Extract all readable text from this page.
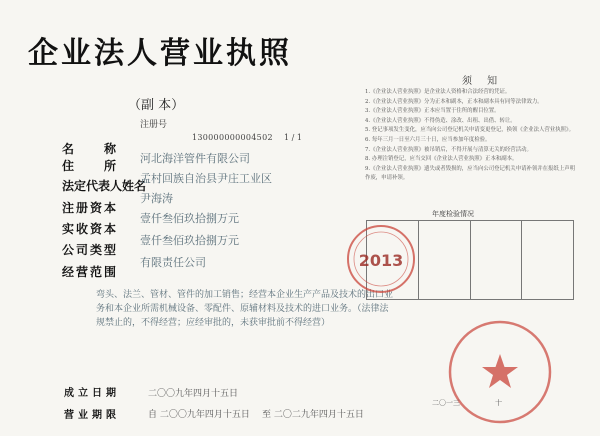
企业法人营业执照
（副 本）
注册号
130000000004502 1 / 1
名　　称
住　　所
法定代表人姓名
注册资本
实收资本
公司类型
经营范围
河北海洋管件有限公司
孟村回族自治县尹庄工业区
尹海涛
壹仟叁佰玖拾捌万元
壹仟叁佰玖拾捌万元
有限责任公司
弯头、法兰、管材、管件的加工销售；经营本企业生产产品及技术的出口业务和本企业所需机械设备、零配件、原辅材料及技术的进口业务。（法律法规禁止的，不得经营；应经审批的，未获审批前不得经营）
成立日期	二〇〇九年四月十五日
营业期限	自 二〇〇九年四月十五日 至 二〇二九年四月十五日
须 知
1.《企业法人营业执照》是企业法人资格和合法经营的凭证。
2.《企业法人营业执照》分为正本和副本，正本和副本具有同等法律效力。
3.《企业法人营业执照》正本应当置于住所的醒目位置。
4.《企业法人营业执照》不得伪造、涂改、出租、出借、转让。
5. 登记事项发生变化，应当向公司登记机关申请变更登记，换领《企业法人营业执照》。
6. 每年三月一日至六月三十日，应当参加年度检验。
7.《企业法人营业执照》被吊销后，不得开展与清算无关的经营活动。
8. 办理注销登记，应当交回《企业法人营业执照》正本和副本。
9.《企业法人营业执照》遗失或者毁损的，应当向公司登记机关申请补领并在报纸上声明作废，申请补领。
年度检验情况
2013
二〇一三　　　　　十
